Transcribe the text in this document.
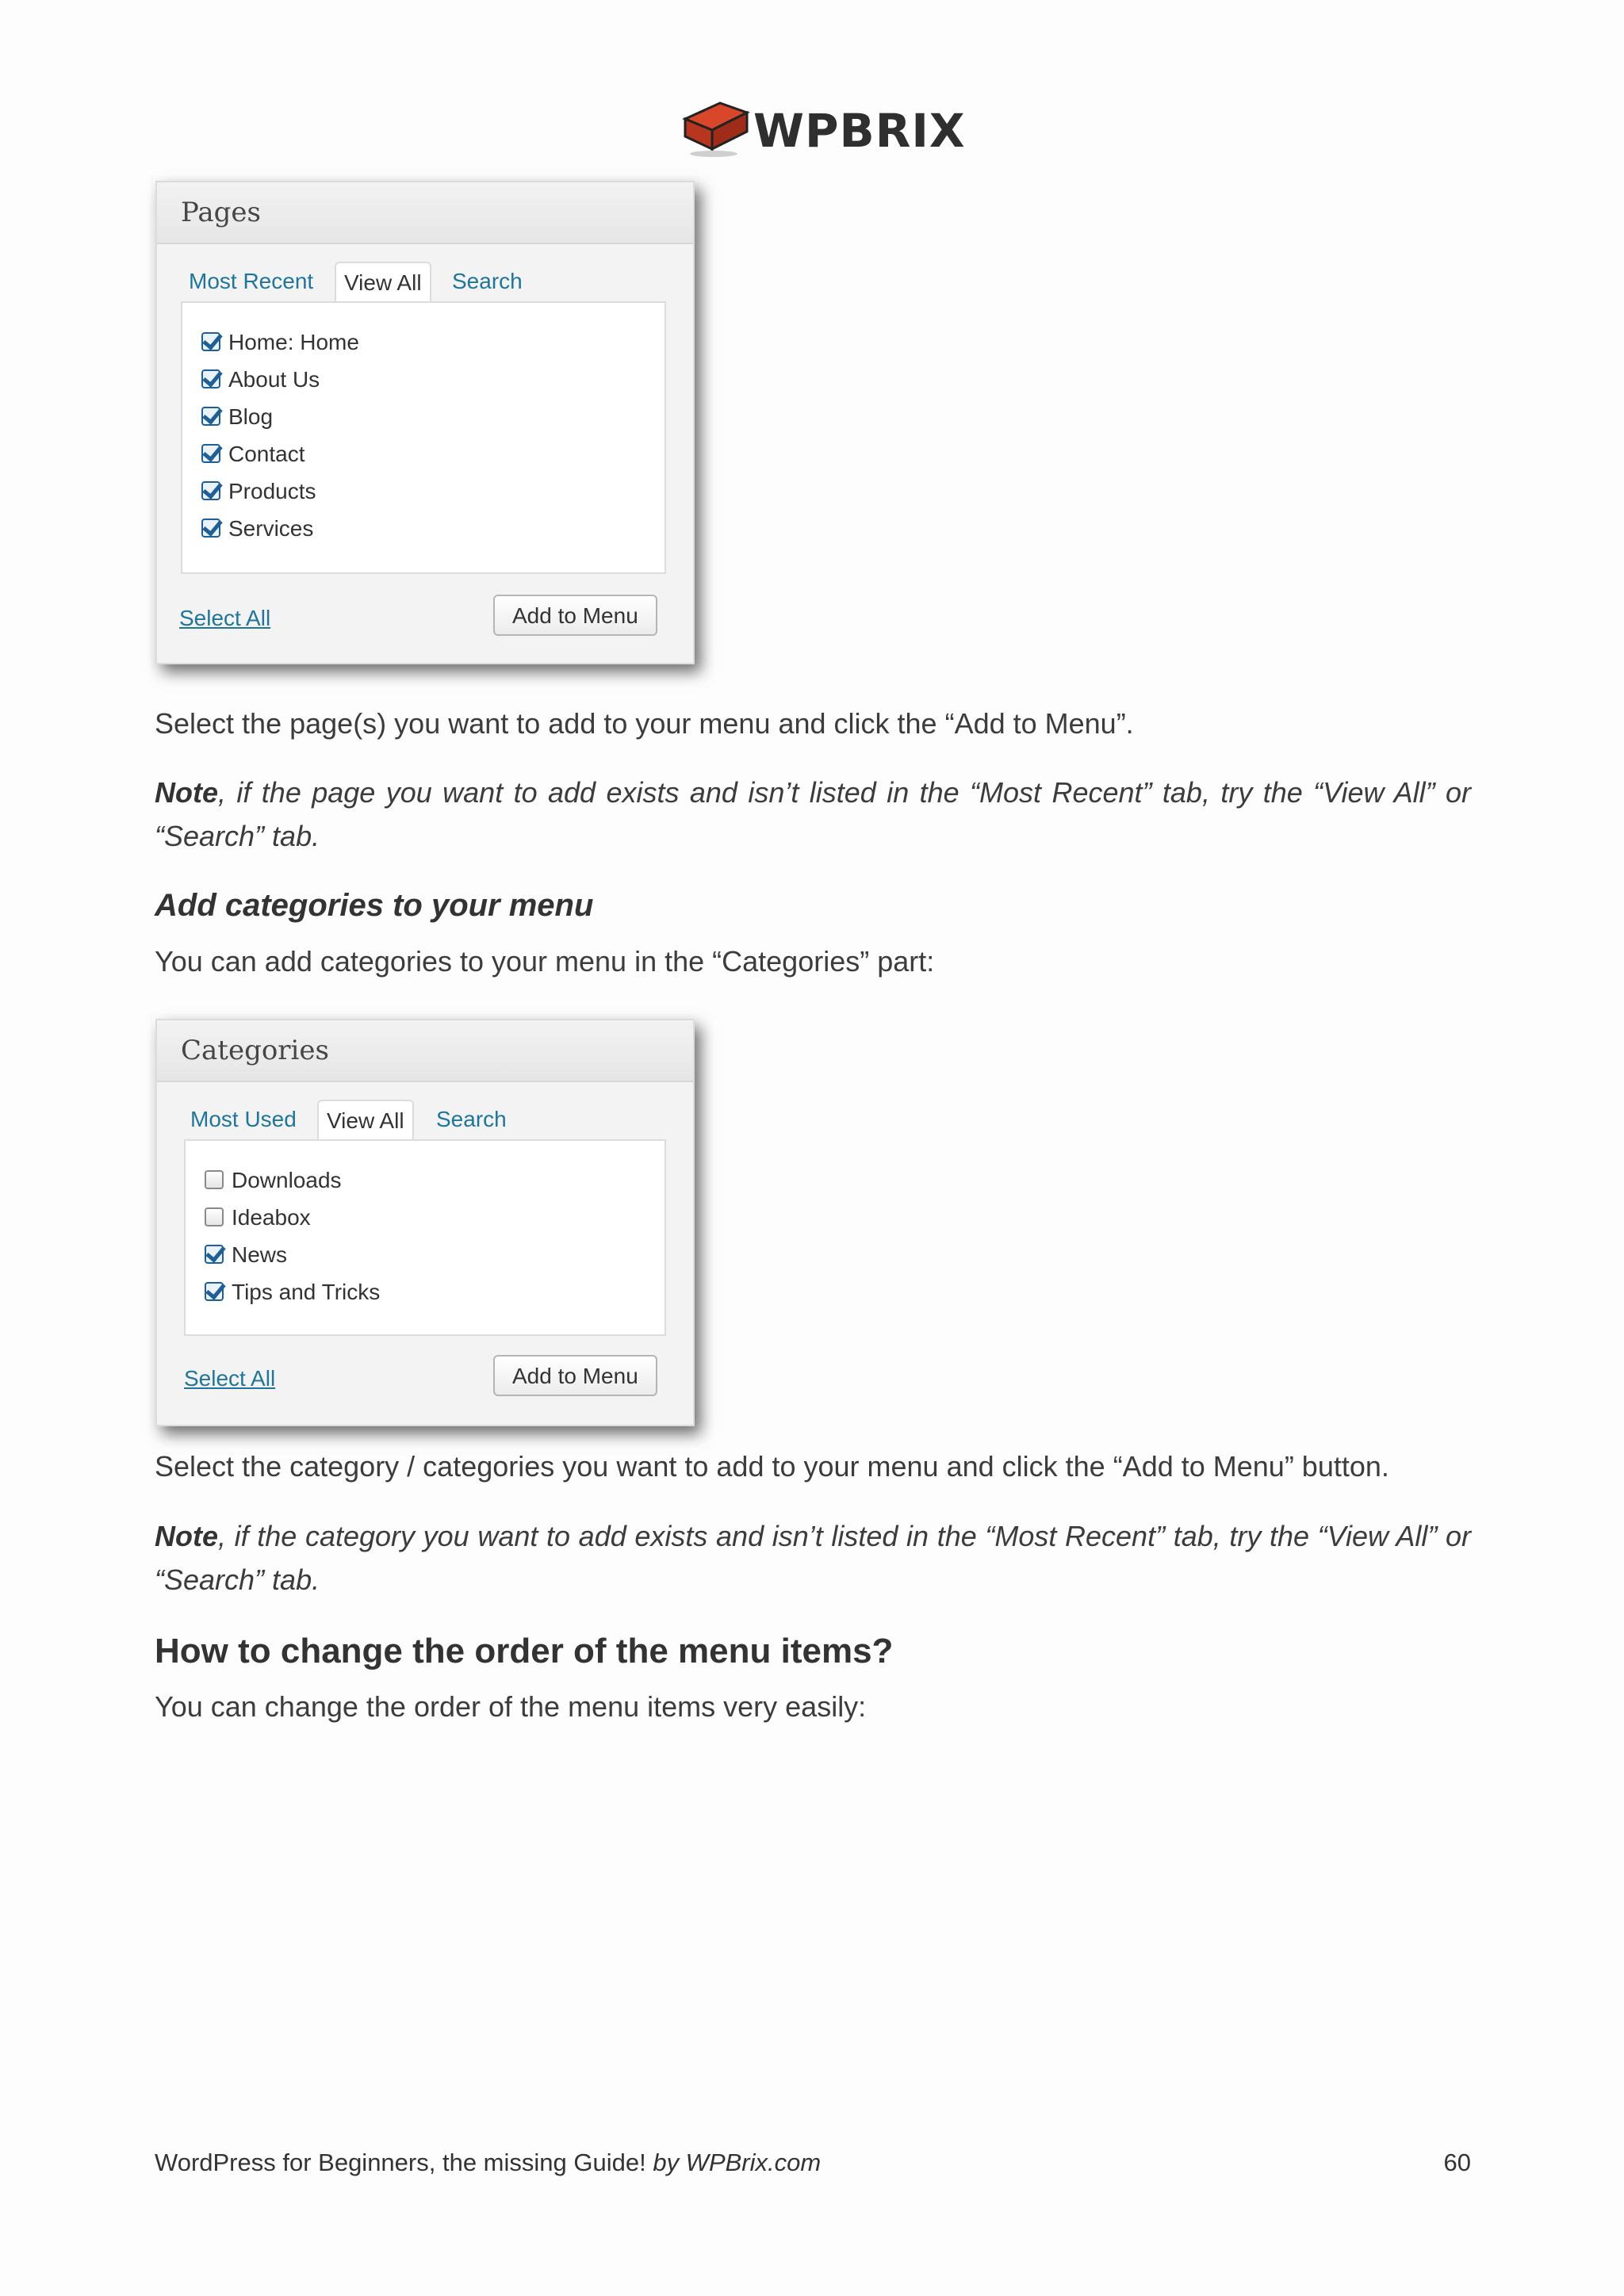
WPBRIX
Pages
Most Recent	View All	Search
Home: Home
About Us
Blog
Contact
Products
Services
Select All	Add to Menu
Select the page(s) you want to add to your menu and click the “Add to Menu”.
Note, if the page you want to add exists and isn’t listed in the “Most Recent” tab, try the “View All” or “Search” tab.
Add categories to your menu
You can add categories to your menu in the “Categories” part:
Categories
Most Used	View All	Search
Downloads
Ideabox
News
Tips and Tricks
Select All	Add to Menu
Select the category / categories you want to add to your menu and click the “Add to Menu” button.
Note, if the category you want to add exists and isn’t listed in the “Most Recent” tab, try the “View All” or “Search” tab.
How to change the order of the menu items?
You can change the order of the menu items very easily:
WordPress for Beginners, the missing Guide! by WPBrix.com	60
